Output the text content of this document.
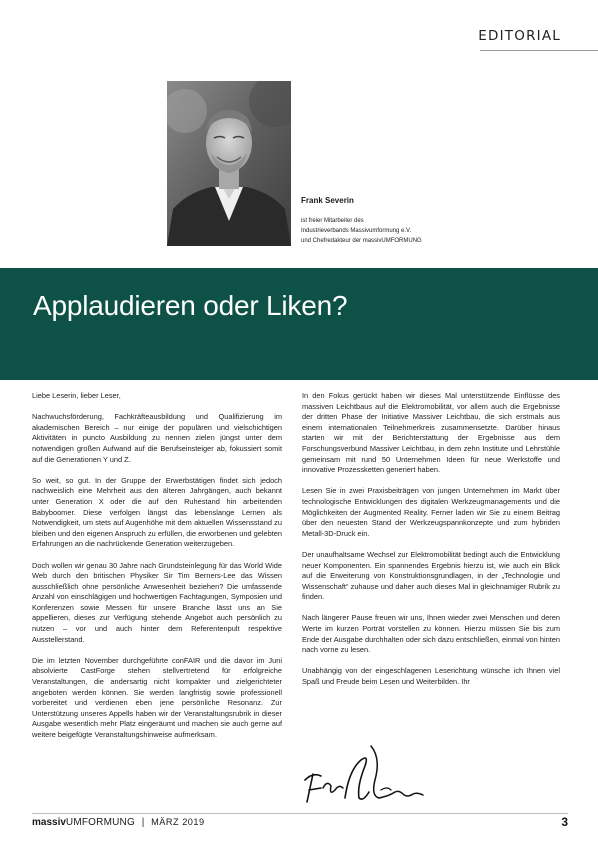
EDITORIAL
Frank Severin
ist freier Mitarbeiter des
Industrieverbands Massivumformung e.V.
und Chefredakteur der massivUMFORMUNG
Applaudieren oder Liken?

Liebe Leserin, lieber Leser,

Nachwuchsförderung, Fachkräfteausbildung und Qualifizierung im akademischen Bereich – nur einige der populären und vielschichtigen Aktivitäten in puncto Ausbildung zu nennen zielen jüngst unter dem notwendigen großen Aufwand auf die Berufseinsteiger ab, fokussiert somit auf die Generationen Y und Z.

So weit, so gut. In der Gruppe der Erwerbstätigen findet sich jedoch nachweislich eine Mehrheit aus den älteren Jahrgängen, auch bekannt unter Generation X oder die auf den Ruhestand hin arbeitenden Babyboomer. Diese verfolgen längst das lebenslange Lernen als Notwendigkeit, um stets auf Augenhöhe mit dem aktuellen Wissensstand zu bleiben und den eigenen Anspruch zu erfüllen, die erworbenen und gelebten Erfahrungen an die nachrückende Generation weiterzugeben.

Doch wollen wir genau 30 Jahre nach Grundsteinlegung für das World Wide Web durch den britischen Physiker Sir Tim Berners-Lee das Wissen ausschließlich ohne persönliche Anwesenheit beziehen? Die umfassende Anzahl von einschlägigen und hochwertigen Fachtagungen, Symposien und Konferenzen sowie Messen für unsere Branche lässt uns an Sie appellieren, dieses zur Verfügung stehende Angebot auch persönlich zu nutzen – vor und auch hinter dem Referentenpult respektive Ausstellerstand.

Die im letzten November durchgeführte conFAIR und die davor im Juni absolvierte CastForge stehen stellvertretend für erfolgreiche Veranstaltungen, die andersartig nicht kompakter und zielgerichteter angeboten werden können. Sie werden langfristig sowie professionell vorbereitet und verdienen eben jene persönliche Resonanz. Zur Unterstützung unseres Appells haben wir der Veranstaltungsrubrik in dieser Ausgabe wesentlich mehr Platz eingeräumt und machen sie auch gerne auf weitere beigefügte Veranstaltungshinweise aufmerksam.

In den Fokus gerückt haben wir dieses Mal unterstützende Einflüsse des massiven Leichtbaus auf die Elektromobilität, vor allem auch die Ergebnisse der dritten Phase der Initiative Massiver Leichtbau, die sich erstmals aus einem internationalen Teilnehmerkreis zusammensetzte. Darüber hinaus starten wir mit der Berichterstattung der Ergebnisse aus dem Forschungsverbund Massiver Leichtbau, in dem zehn Institute und Lehrstühle gemeinsam mit rund 50 Unternehmen Ideen für neue Werkstoffe und innovative Prozessketten generiert haben.

Lesen Sie in zwei Praxisbeiträgen von jungen Unternehmen im Markt über technologische Entwicklungen des digitalen Werkzeugmanagements und die Möglichkeiten der Augmented Reality. Ferner laden wir Sie zu einem Beitrag über den neuesten Stand der Werkzeugspannkonzepte und zum hybriden Metall-3D-Druck ein.

Der unaufhaltsame Wechsel zur Elektromobilität bedingt auch die Entwicklung neuer Komponenten. Ein spannendes Ergebnis hierzu ist, wie auch ein Blick auf die Erweiterung von Konstruktionsgrundlagen, in der „Technologie und Wissenschaft“ zuhause und daher auch dieses Mal in gleichnamiger Rubrik zu finden.

Nach längerer Pause freuen wir uns, Ihnen wieder zwei Menschen und deren Werte im kurzen Porträt vorstellen zu können. Hierzu müssen Sie bis zum Ende der Ausgabe durchhalten oder sich dazu entschließen, einmal von hinten nach vorne zu lesen.

Unabhängig von der eingeschlagenen Leserichtung wünsche ich Ihnen viel Spaß und Freude beim Lesen und Weiterbilden. Ihr

massivUMFORMUNG | MÄRZ 2019	3
